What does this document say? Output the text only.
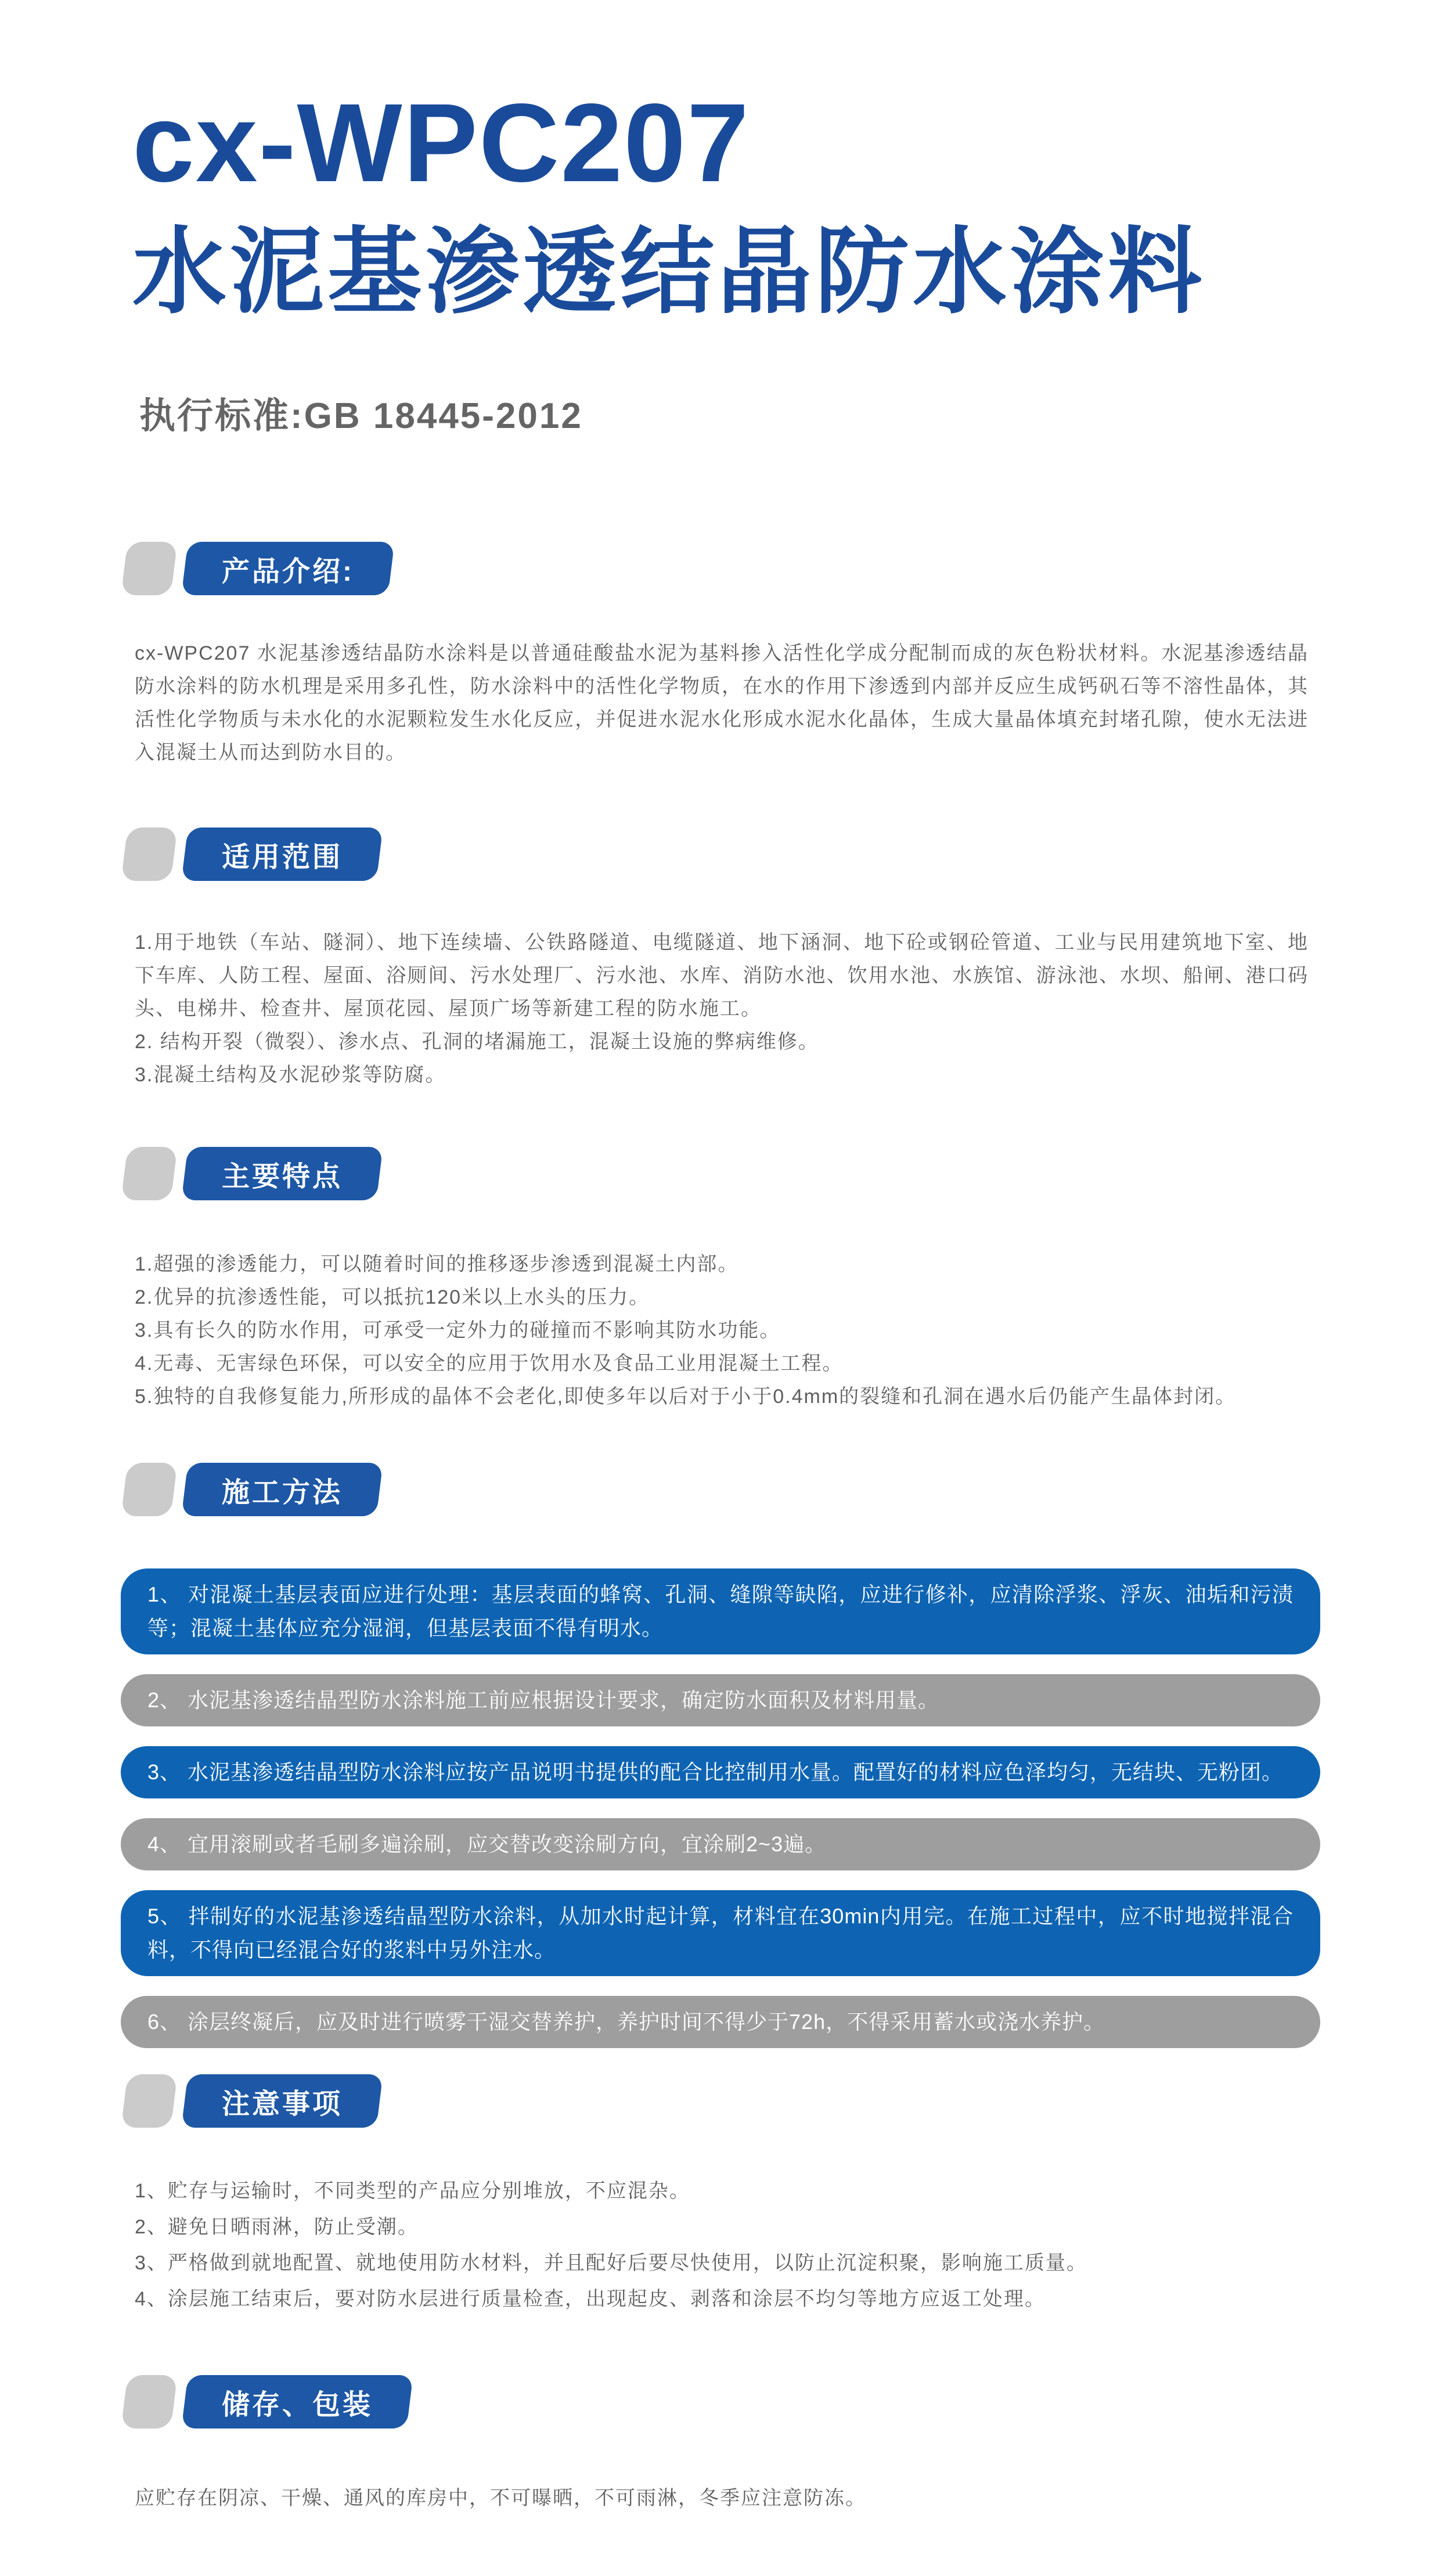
cx-WPC207
水泥基渗透结晶防水涂料
执行标准:GB 18445-2012
产品介绍:

cx-WPC207 水泥基渗透结晶防水涂料是以普通硅酸盐水泥为基料掺入活性化学成分配制而成的灰色粉状材料。水泥基渗透结晶防水涂料的防水机理是采用多孔性，防水涂料中的活性化学物质，在水的作用下渗透到内部并反应生成钙矾石等不溶性晶体，其活性化学物质与未水化的水泥颗粒发生水化反应，并促进水泥水化形成水泥水化晶体，生成大量晶体填充封堵孔隙，使水无法进入混凝土从而达到防水目的。

适用范围

1.用于地铁（车站、隧洞）、地下连续墙、公铁路隧道、电缆隧道、地下涵洞、地下砼或钢砼管道、工业与民用建筑地下室、地下车库、人防工程、屋面、浴厕间、污水处理厂、污水池、水库、消防水池、饮用水池、水族馆、游泳池、水坝、船闸、港口码头、电梯井、检查井、屋顶花园、屋顶广场等新建工程的防水施工。

2. 结构开裂（微裂）、渗水点、孔洞的堵漏施工，混凝土设施的弊病维修。

3.混凝土结构及水泥砂浆等防腐。

主要特点

1.超强的渗透能力，可以随着时间的推移逐步渗透到混凝土内部。

2.优异的抗渗透性能，可以抵抗120米以上水头的压力。

3.具有长久的防水作用，可承受一定外力的碰撞而不影响其防水功能。

4.无毒、无害绿色环保，可以安全的应用于饮用水及食品工业用混凝土工程。

5.独特的自我修复能力,所形成的晶体不会老化,即使多年以后对于小于0.4mm的裂缝和孔洞在遇水后仍能产生晶体封闭。

施工方法
1、 对混凝土基层表面应进行处理：基层表面的蜂窝、孔洞、缝隙等缺陷，应进行修补，应清除浮浆、浮灰、油垢和污渍等；混凝土基体应充分湿润，但基层表面不得有明水。
2、 水泥基渗透结晶型防水涂料施工前应根据设计要求，确定防水面积及材料用量。
3、 水泥基渗透结晶型防水涂料应按产品说明书提供的配合比控制用水量。配置好的材料应色泽均匀，无结块、无粉团。
4、 宜用滚刷或者毛刷多遍涂刷，应交替改变涂刷方向，宜涂刷2~3遍。
5、 拌制好的水泥基渗透结晶型防水涂料，从加水时起计算，材料宜在30min内用完。在施工过程中，应不时地搅拌混合料，不得向已经混合好的浆料中另外注水。
6、 涂层终凝后，应及时进行喷雾干湿交替养护，养护时间不得少于72h，不得采用蓄水或浇水养护。
注意事项

1、贮存与运输时，不同类型的产品应分别堆放，不应混杂。

2、避免日晒雨淋，防止受潮。

3、严格做到就地配置、就地使用防水材料，并且配好后要尽快使用，以防止沉淀积聚，影响施工质量。

4、涂层施工结束后，要对防水层进行质量检查，出现起皮、剥落和涂层不均匀等地方应返工处理。

储存、包装

应贮存在阴凉、干燥、通风的库房中，不可曝晒，不可雨淋，冬季应注意防冻。
